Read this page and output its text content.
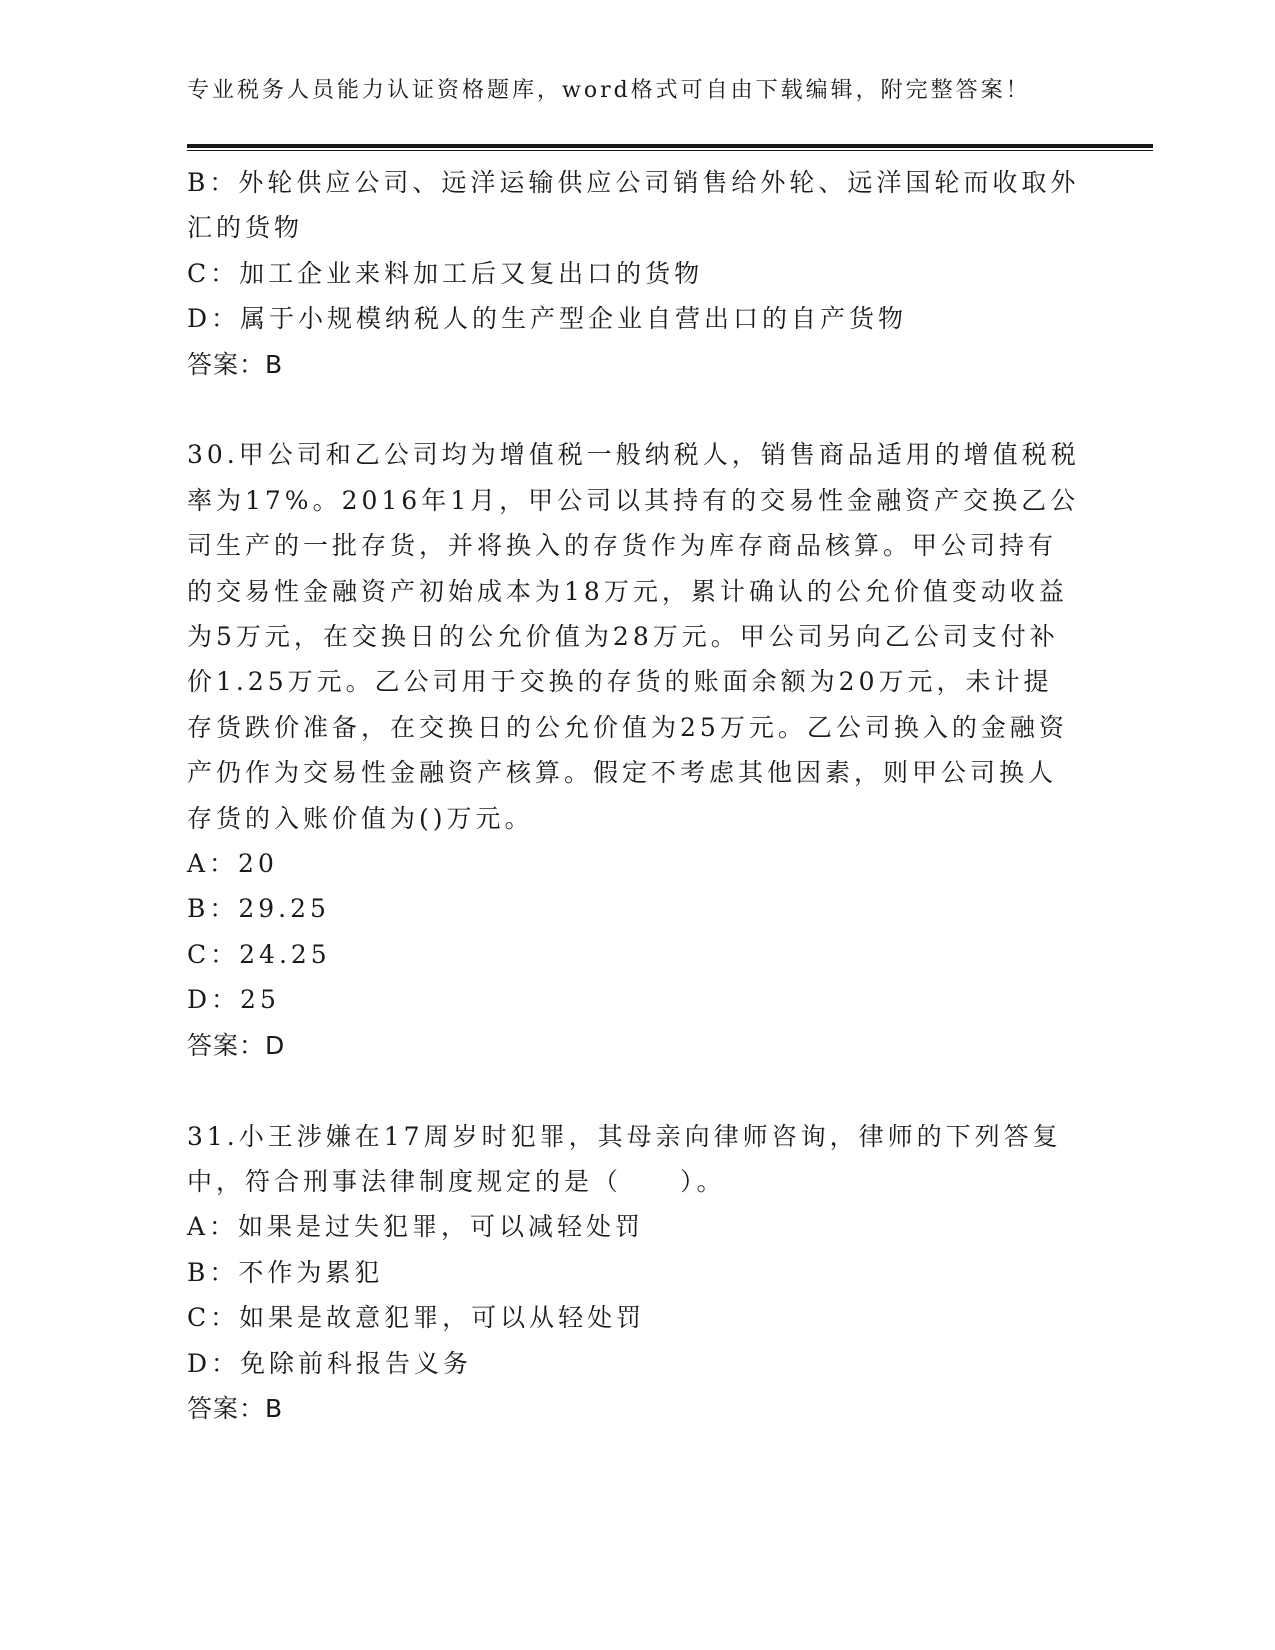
专业税务人员能力认证资格题库，word格式可自由下载编辑，附完整答案！
B：外轮供应公司、远洋运输供应公司销售给外轮、远洋国轮而收取外
汇的货物
C：加工企业来料加工后又复出口的货物
D：属于小规模纳税人的生产型企业自营出口的自产货物
答案：B
30.甲公司和乙公司均为增值税一般纳税人，销售商品适用的增值税税
率为17%。2016年1月，甲公司以其持有的交易性金融资产交换乙公
司生产的一批存货，并将换入的存货作为库存商品核算。甲公司持有
的交易性金融资产初始成本为18万元，累计确认的公允价值变动收益
为5万元，在交换日的公允价值为28万元。甲公司另向乙公司支付补
价1.25万元。乙公司用于交换的存货的账面余额为20万元，未计提
存货跌价准备，在交换日的公允价值为25万元。乙公司换入的金融资
产仍作为交易性金融资产核算。假定不考虑其他因素，则甲公司换人
存货的入账价值为()万元。
A：20
B：29.25
C：24.25
D：25
答案：D
31.小王涉嫌在17周岁时犯罪，其母亲向律师咨询，律师的下列答复
中，符合刑事法律制度规定的是（　　）。
A：如果是过失犯罪，可以减轻处罚
B：不作为累犯
C：如果是故意犯罪，可以从轻处罚
D：免除前科报告义务
答案：B
